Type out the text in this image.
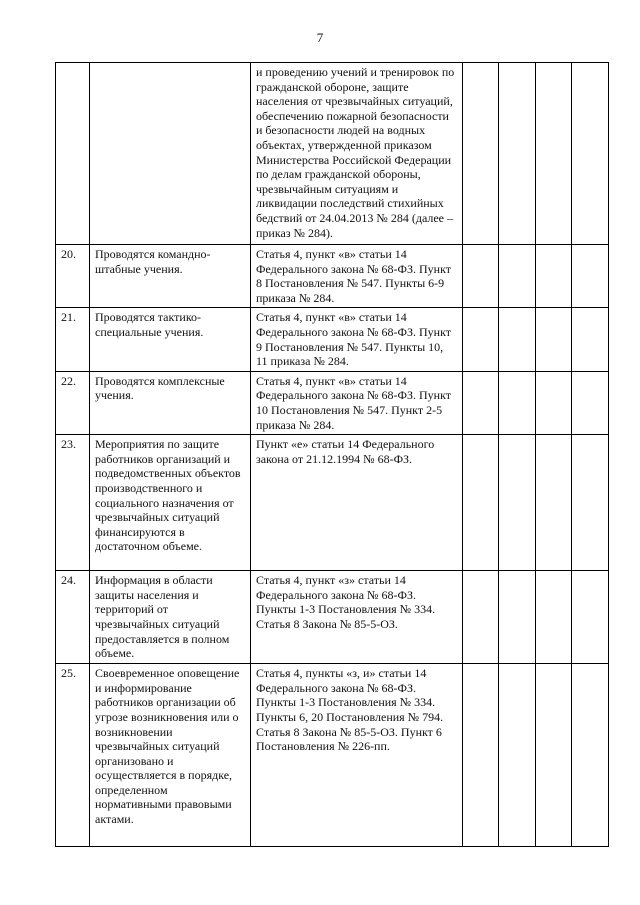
7
		и проведению учений и тренировок по гражданской обороне, защите населения от чрезвычайных ситуаций, обеспечению пожарной безопасности и безопасности людей на водных объектах, утвержденной приказом Министерства Российской Федерации по делам гражданской обороны, чрезвычайным ситуациям и ликвидации последствий стихийных бедствий от 24.04.2013 № 284 (далее – приказ № 284).				
20.	Проводятся командно-штабные учения.	Статья 4, пункт «в» статьи 14 Федерального закона № 68-ФЗ. Пункт 8 Постановления № 547. Пункты 6-9 приказа № 284.				
21.	Проводятся тактико-специальные учения.	Статья 4, пункт «в» статьи 14 Федерального закона № 68-ФЗ. Пункт 9 Постановления № 547. Пункты 10, 11 приказа № 284.				
22.	Проводятся комплексные учения.	Статья 4, пункт «в» статьи 14 Федерального закона № 68-ФЗ. Пункт 10 Постановления № 547. Пункт 2-5 приказа № 284.				
23.	Мероприятия по защите работников организаций и подведомственных объектов производственного и социального назначения от чрезвычайных ситуаций финансируются в достаточном объеме.	Пункт «е» статьи 14 Федерального закона от 21.12.1994 № 68-ФЗ.				
24.	Информация в области защиты населения и территорий от чрезвычайных ситуаций предоставляется в полном объеме.	Статья 4, пункт «з» статьи 14 Федерального закона № 68-ФЗ. Пункты 1-3 Постановления № 334. Статья 8 Закона № 85-5-ОЗ.				
25.	Своевременное оповещение и информирование работников организации об угрозе возникновения или о возникновении чрезвычайных ситуаций организовано и осуществляется в порядке, определенном нормативными правовыми актами.	Статья 4, пункты «з, и» статьи 14 Федерального закона № 68-ФЗ. Пункты 1-3 Постановления № 334. Пункты 6, 20 Постановления № 794. Статья 8 Закона № 85-5-ОЗ. Пункт 6 Постановления № 226-пп.				
